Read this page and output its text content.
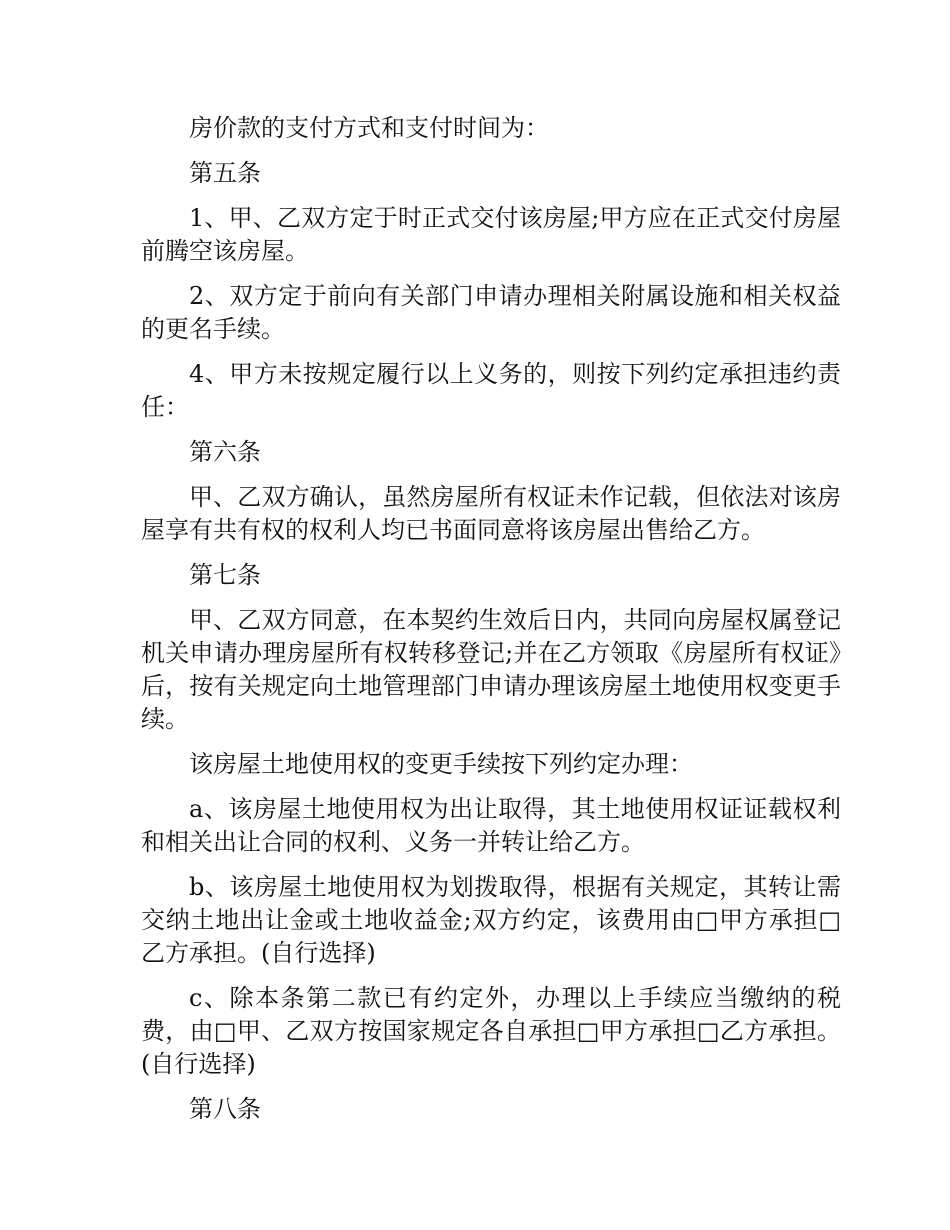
房价款的支付方式和支付时间为：

第五条

1、甲、乙双方定于时正式交付该房屋;甲方应在正式交付房屋前腾空该房屋。

2、双方定于前向有关部门申请办理相关附属设施和相关权益的更名手续。

4、甲方未按规定履行以上义务的，则按下列约定承担违约责任：

第六条

甲、乙双方确认，虽然房屋所有权证未作记载，但依法对该房屋享有共有权的权利人均已书面同意将该房屋出售给乙方。

第七条

甲、乙双方同意，在本契约生效后日内，共同向房屋权属登记机关申请办理房屋所有权转移登记;并在乙方领取《房屋所有权证》后，按有关规定向土地管理部门申请办理该房屋土地使用权变更手续。

该房屋土地使用权的变更手续按下列约定办理：

a、该房屋土地使用权为出让取得，其土地使用权证证载权利和相关出让合同的权利、义务一并转让给乙方。

b、该房屋土地使用权为划拨取得，根据有关规定，其转让需交纳土地出让金或土地收益金;双方约定，该费用由□甲方承担□乙方承担。(自行选择)

c、除本条第二款已有约定外，办理以上手续应当缴纳的税费，由□甲、乙双方按国家规定各自承担□甲方承担□乙方承担。(自行选择)

第八条
